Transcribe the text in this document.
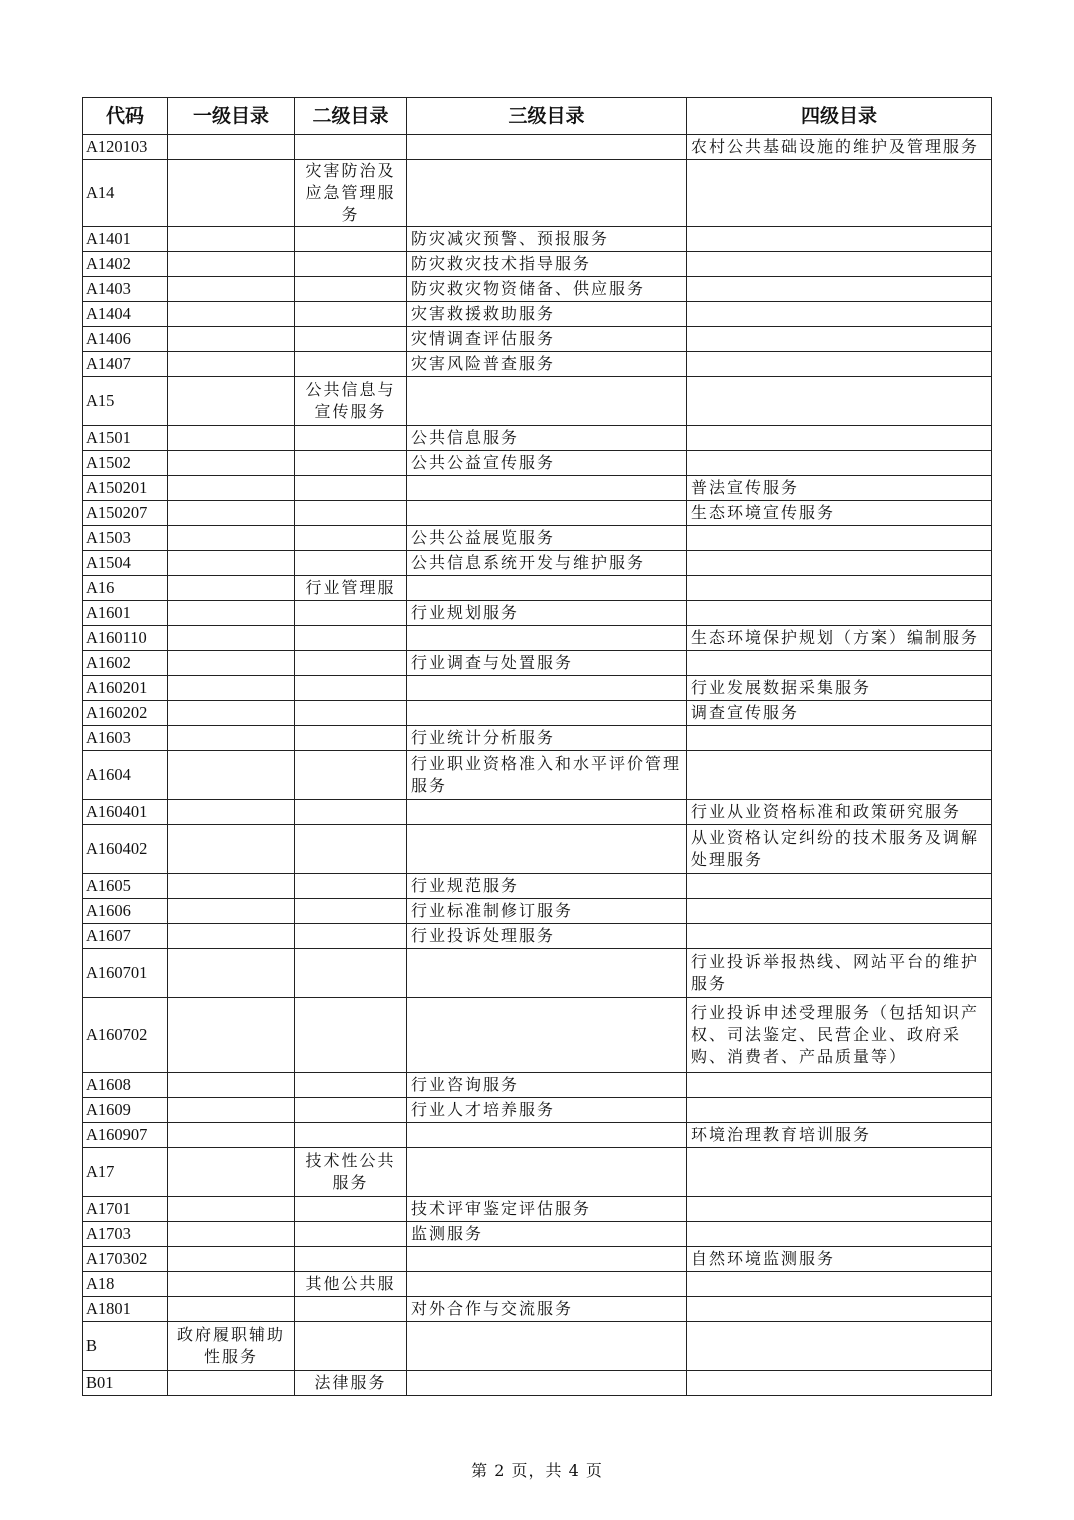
代码	一级目录	二级目录	三级目录	四级目录
A120103				农村公共基础设施的维护及管理服务
A14		灾害防治及应急管理服务		
A1401			防灾减灾预警、预报服务	
A1402			防灾救灾技术指导服务	
A1403			防灾救灾物资储备、供应服务	
A1404			灾害救援救助服务	
A1406			灾情调查评估服务	
A1407			灾害风险普查服务	
A15		公共信息与宣传服务		
A1501			公共信息服务	
A1502			公共公益宣传服务	
A150201				普法宣传服务
A150207				生态环境宣传服务
A1503			公共公益展览服务	
A1504			公共信息系统开发与维护服务	
A16		行业管理服		
A1601			行业规划服务	
A160110				生态环境保护规划（方案）编制服务
A1602			行业调查与处置服务	
A160201				行业发展数据采集服务
A160202				调查宣传服务
A1603			行业统计分析服务	
A1604			行业职业资格准入和水平评价管理服务	
A160401				行业从业资格标准和政策研究服务
A160402				从业资格认定纠纷的技术服务及调解处理服务
A1605			行业规范服务	
A1606			行业标准制修订服务	
A1607			行业投诉处理服务	
A160701				行业投诉举报热线、网站平台的维护服务
A160702				行业投诉申述受理服务（包括知识产权、司法鉴定、民营企业、政府采购、消费者、产品质量等）
A1608			行业咨询服务	
A1609			行业人才培养服务	
A160907				环境治理教育培训服务
A17		技术性公共服务		
A1701			技术评审鉴定评估服务	
A1703			监测服务	
A170302				自然环境监测服务
A18		其他公共服		
A1801			对外合作与交流服务	
B	政府履职辅助性服务			
B01		法律服务		
第 2 页，共 4 页
